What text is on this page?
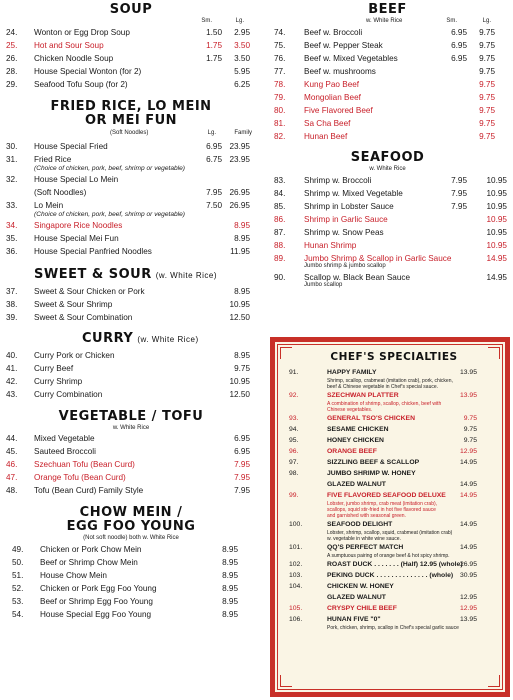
SOUP
Sm.	Lg.
24. Wonton or Egg Drop Soup	1.50 2.95
25. Hot and Sour Soup	1.75 3.50
26. Chicken Noodle Soup	1.75 3.50
28. House Special Wonton (for 2)	5.95
29. Seafood Tofu Soup (for 2)	6.25
FRIED RICE, LO MEIN
OR MEI FUN
(Soft Noodles)	Lg.	Family
30. House Special Fried	6.95 23.95
31. Fried Rice	6.75 23.95
(Choice of chicken, pork, beef, shrimp or vegetable)
32. House Special Lo Mein
(Soft Noodles)	7.95 26.95
33. Lo Mein	7.50 26.95
(Choice of chicken, pork, beef, shrimp or vegetable)
34. Singapore Rice Noodles	8.95
35. House Special Mei Fun	8.95
36. House Special Panfried Noodles	11.95
SWEET & SOUR (w. White Rice)
37. Sweet & Sour Chicken or Pork	8.95
38. Sweet & Sour Shrimp	10.95
39. Sweet & Sour Combination	12.50
CURRY (w. White Rice)
40. Curry Pork or Chicken	8.95
41. Curry Beef	9.75
42. Curry Shrimp	10.95
43. Curry Combination	12.50
VEGETABLE / TOFU
w. White Rice
44. Mixed Vegetable	6.95
45. Sauteed Broccoli	6.95
46. Szechuan Tofu (Bean Curd)	7.95
47. Orange Tofu (Bean Curd)	7.95
48. Tofu (Bean Curd) Family Style	7.95
CHOW MEIN /
EGG FOO YOUNG
(Not soft noodle) both w. White Rice
49. Chicken or Pork Chow Mein	8.95
50. Beef or Shrimp Chow Mein	8.95
51. House Chow Mein	8.95
52. Chicken or Pork Egg Foo Young	8.95
53. Beef or Shrimp Egg Foo Young	8.95
54. House Special Egg Foo Young	8.95
BEEF
w. White Rice	Sm.	Lg.
74. Beef w. Broccoli	6.95 9.75
75. Beef w. Pepper Steak	6.95 9.75
76. Beef w. Mixed Vegetables	6.95 9.75
77. Beef w. mushrooms	9.75
78. Kung Pao Beef	9.75
79. Mongolian Beef	9.75
80. Five Flavored Beef	9.75
81. Sa Cha Beef	9.75
82. Hunan Beef	9.75
SEAFOOD
w. White Rice
83. Shrimp w. Broccoli	7.95 10.95
84. Shrimp w. Mixed Vegetable	7.95 10.95
85. Shrimp in Lobster Sauce	7.95 10.95
86. Shrimp in Garlic Sauce	10.95
87. Shrimp w. Snow Peas	10.95
88. Hunan Shrimp	10.95
89. Jumbo Shrimp & Scallop in Garlic Sauce	14.95
Jumbo shrimp & jumbo scallop
90. Scallop w. Black Bean Sauce	14.95
Jumbo scallop
CHEF'S SPECIALTIES
91.	HAPPY FAMILY	13.95
Shrimp, scallop, crabmeat (imitation crab), pork, chicken,
beef & Chinese vegetable in Chef's special sauce.
92.	SZECHWAN PLATTER	13.95
A combination of shrimp, scallop, chicken, beef with
Chinese vegetables.
93.	GENERAL TSO'S CHICKEN	9.75
94.	SESAME CHICKEN	9.75
95.	HONEY CHICKEN	9.75
96.	ORANGE BEEF	12.95
97.	SIZZLING BEEF & SCALLOP	14.95
98.	JUMBO SHRIMP W. HONEY
GLAZED WALNUT	14.95
99.	FIVE FLAVORED SEAFOOD DELUXE 14.95
Lobster, jumbo shrimp, crab meat (imitation crab),
scallops, squid stir-fried in hot five flavored sauce
and garnished with seasonal green.
100.	SEAFOOD DELIGHT	14.95
Lobster, shrimp, scallop, squid, crabmeat (imitation crab)
w. vegetable in white wine sauce.
101.	QQ'S PERFECT MATCH	14.95
A sumptuous pairing of orange beef & hot spicy shrimp.
102.	ROAST DUCK . . . . . . . (Half) 12.95 (whole)
26.95
103.	PEKING DUCK . . . . . . . . . . . . . . (whole) 30.95
104.	CHICKEN W. HONEY
GLAZED WALNUT	12.95
105.	CRYSPY CHILE BEEF	12.95
106.	HUNAN FIVE "0"	13.95
Pork, chicken, shrimp, scallop in Chef's special garlic sauce
